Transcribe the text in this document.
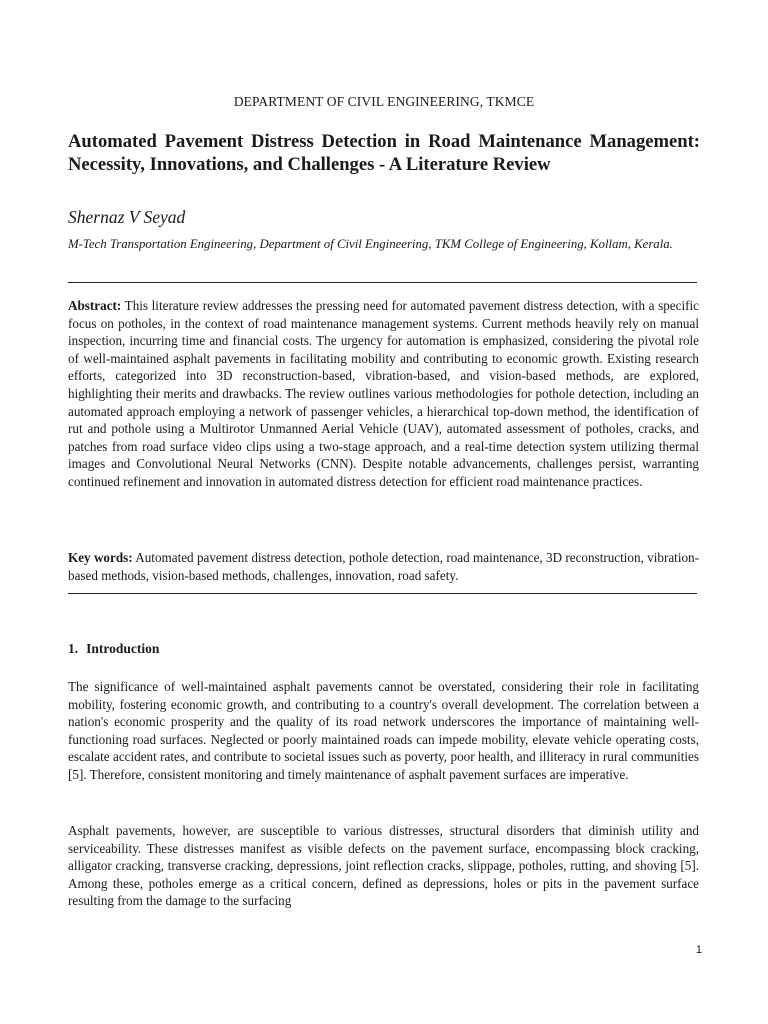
DEPARTMENT OF CIVIL ENGINEERING, TKMCE
Automated Pavement Distress Detection in Road Maintenance Management: Necessity, Innovations, and Challenges - A Literature Review
Shernaz V Seyad
M-Tech Transportation Engineering, Department of Civil Engineering, TKM College of Engineering, Kollam, Kerala.
Abstract: This literature review addresses the pressing need for automated pavement distress detection, with a specific focus on potholes, in the context of road maintenance management systems. Current methods heavily rely on manual inspection, incurring time and financial costs. The urgency for automation is emphasized, considering the pivotal role of well-maintained asphalt pavements in facilitating mobility and contributing to economic growth. Existing research efforts, categorized into 3D reconstruction-based, vibration-based, and vision-based methods, are explored, highlighting their merits and drawbacks. The review outlines various methodologies for pothole detection, including an automated approach employing a network of passenger vehicles, a hierarchical top-down method, the identification of rut and pothole using a Multirotor Unmanned Aerial Vehicle (UAV), automated assessment of potholes, cracks, and patches from road surface video clips using a two-stage approach, and a real-time detection system utilizing thermal images and Convolutional Neural Networks (CNN). Despite notable advancements, challenges persist, warranting continued refinement and innovation in automated distress detection for efficient road maintenance practices.
Key words: Automated pavement distress detection, pothole detection, road maintenance, 3D reconstruction, vibration-based methods, vision-based methods, challenges, innovation, road safety.
1. Introduction
The significance of well-maintained asphalt pavements cannot be overstated, considering their role in facilitating mobility, fostering economic growth, and contributing to a country's overall development. The correlation between a nation's economic prosperity and the quality of its road network underscores the importance of maintaining well-functioning road surfaces. Neglected or poorly maintained roads can impede mobility, elevate vehicle operating costs, escalate accident rates, and contribute to societal issues such as poverty, poor health, and illiteracy in rural communities [5]. Therefore, consistent monitoring and timely maintenance of asphalt pavement surfaces are imperative.
Asphalt pavements, however, are susceptible to various distresses, structural disorders that diminish utility and serviceability. These distresses manifest as visible defects on the pavement surface, encompassing block cracking, alligator cracking, transverse cracking, depressions, joint reflection cracks, slippage, potholes, rutting, and shoving [5]. Among these, potholes emerge as a critical concern, defined as depressions, holes or pits in the pavement surface resulting from the damage to the surfacing
1
